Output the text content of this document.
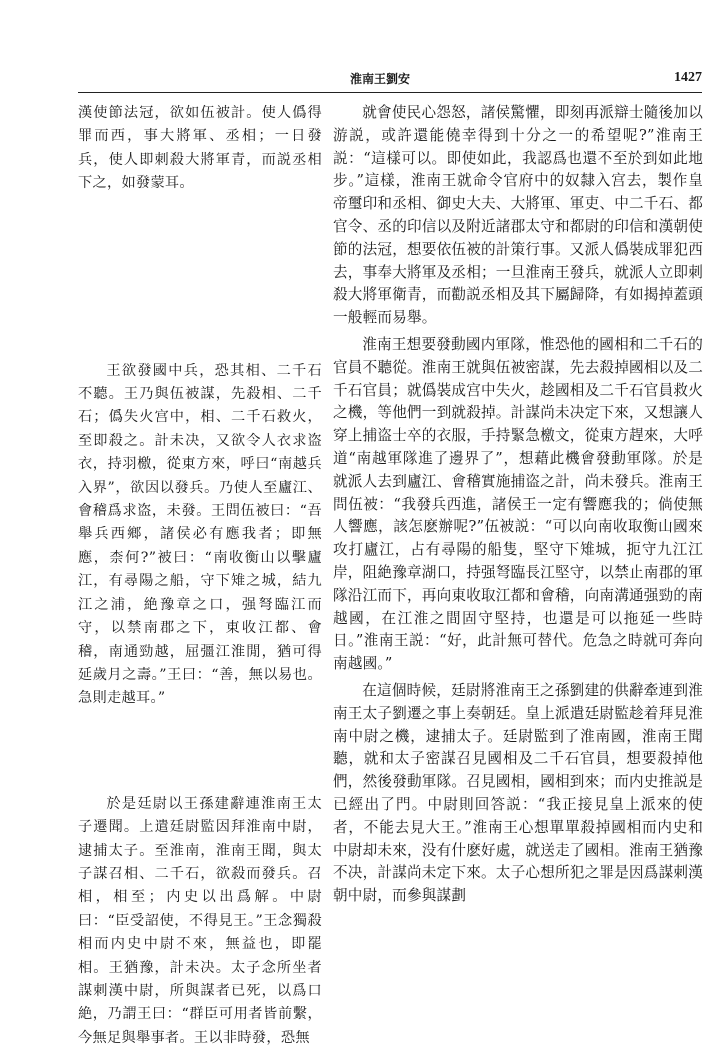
淮南王劉安	1427

漢使節法冠，欲如伍被計。使人僞得罪而西，事大將軍、丞相；一日發兵，使人即刺殺大將軍青，而説丞相下之，如發蒙耳。

王欲發國中兵，恐其相、二千石不聽。王乃與伍被謀，先殺相、二千石；僞失火宫中，相、二千石救火，至即殺之。計未决，又欲令人衣求盗衣，持羽檄，從東方來，呼曰“南越兵入界”，欲因以發兵。乃使人至廬江、會稽爲求盗，未發。王問伍被曰：“吾舉兵西鄉，諸侯必有應我者；即無應，柰何?”被曰：“南收衡山以擊廬江，有尋陽之船，守下雉之城，結九江之浦，絶豫章之口，强弩臨江而守，以禁南郡之下，東收江都、會稽，南通勁越，屈彊江淮閒，猶可得延歲月之壽。”王曰：“善，無以易也。急則走越耳。”

於是廷尉以王孫建辭連淮南王太子遷聞。上遣廷尉監因拜淮南中尉，逮捕太子。至淮南，淮南王聞，與太子謀召相、二千石，欲殺而發兵。召相，相至；内史以出爲解。中尉曰：“臣受詔使，不得見王。”王念獨殺相而内史中尉不來，無益也，即罷相。王猶豫，計未决。太子念所坐者謀刺漢中尉，所與謀者已死，以爲口絶，乃謂王曰：“群臣可用者皆前繫，今無足與舉事者。王以非時發，恐無

就會使民心怨怒，諸侯驚懼，即刻再派辯士隨後加以游説，或許還能僥幸得到十分之一的希望呢?”淮南王説：“這樣可以。即使如此，我認爲也還不至於到如此地步。”這樣，淮南王就命令官府中的奴隸入宫去，製作皇帝璽印和丞相、御史大夫、大將軍、軍吏、中二千石、都官令、丞的印信以及附近諸郡太守和都尉的印信和漢朝使節的法冠，想要依伍被的計策行事。又派人僞裝成罪犯西去，事奉大將軍及丞相；一旦淮南王發兵，就派人立即刺殺大將軍衛青，而勸説丞相及其下屬歸降，有如揭掉蓋頭一般輕而易舉。

淮南王想要發動國内軍隊，惟恐他的國相和二千石的官員不聽從。淮南王就與伍被密謀，先去殺掉國相以及二千石官員；就僞裝成宫中失火，趁國相及二千石官員救火之機，等他們一到就殺掉。計謀尚未决定下來，又想讓人穿上捕盗士卒的衣服，手持緊急檄文，從東方趕來，大呼道“南越軍隊進了邊界了”，想藉此機會發動軍隊。於是就派人去到廬江、會稽實施捕盗之計，尚未發兵。淮南王問伍被：“我發兵西進，諸侯王一定有響應我的；倘使無人響應，該怎麽辦呢?”伍被説：“可以向南收取衡山國來攻打廬江，占有尋陽的船隻，堅守下雉城，扼守九江江岸，阻絶豫章湖口，持强弩臨長江堅守，以禁止南郡的軍隊沿江而下，再向東收取江都和會稽，向南溝通强勁的南越國，在江淮之間固守堅持，也還是可以拖延一些時日。”淮南王説：“好，此計無可替代。危急之時就可奔向南越國。”

在這個時候，廷尉將淮南王之孫劉建的供辭牽連到淮南王太子劉遷之事上奏朝廷。皇上派遣廷尉監趁着拜見淮南中尉之機，逮捕太子。廷尉監到了淮南國，淮南王聞聽，就和太子密謀召見國相及二千石官員，想要殺掉他們，然後發動軍隊。召見國相，國相到來；而内史推説是已經出了門。中尉則回答説：“我正接見皇上派來的使者，不能去見大王。”淮南王心想單單殺掉國相而内史和中尉却未來，没有什麽好處，就送走了國相。淮南王猶豫不决，計謀尚未定下來。太子心想所犯之罪是因爲謀刺漢朝中尉，而參與謀劃
